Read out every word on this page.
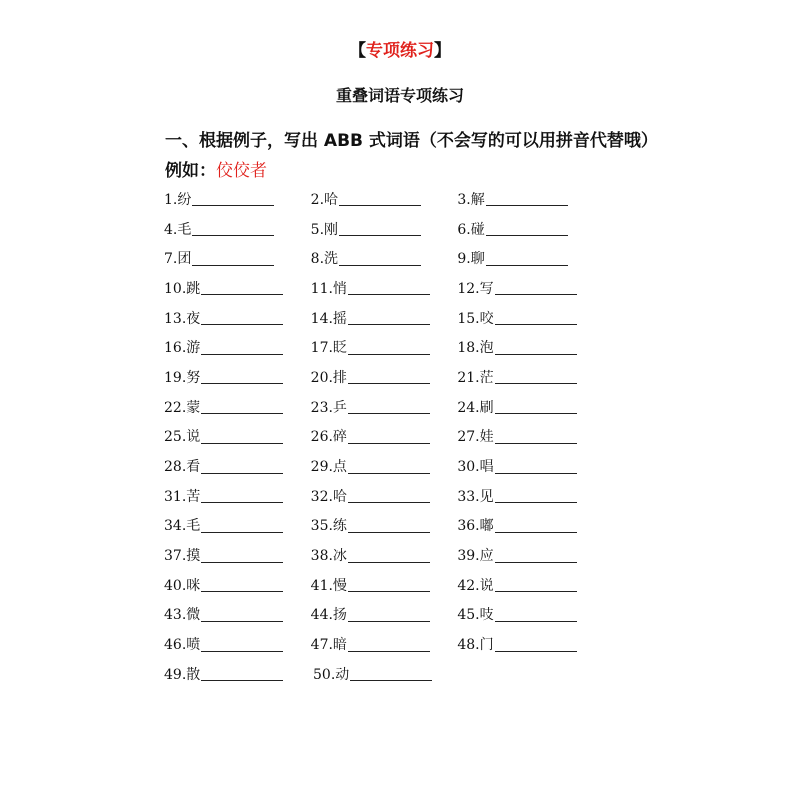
【专项练习】
重叠词语专项练习
一、根据例子，写出 ABB 式词语（不会写的可以用拼音代替哦）
例如：佼佼者
1.纷	2.哈	3.解
4.毛	5.刚	6.碰
7.团	8.洗	9.聊
10.跳	11.悄	12.写
13.夜	14.摇	15.咬
16.游	17.眨	18.泡
19.努	20.排	21.茫
22.蒙	23.乒	24.刷
25.说	26.碎	27.娃
28.看	29.点	30.唱
31.苦	32.哈	33.见
34.毛	35.练	36.嘟
37.摸	38.冰	39.应
40.咪	41.慢	42.说
43.微	44.扬	45.吱
46.喷	47.暗	48.门
49.散	50.动
